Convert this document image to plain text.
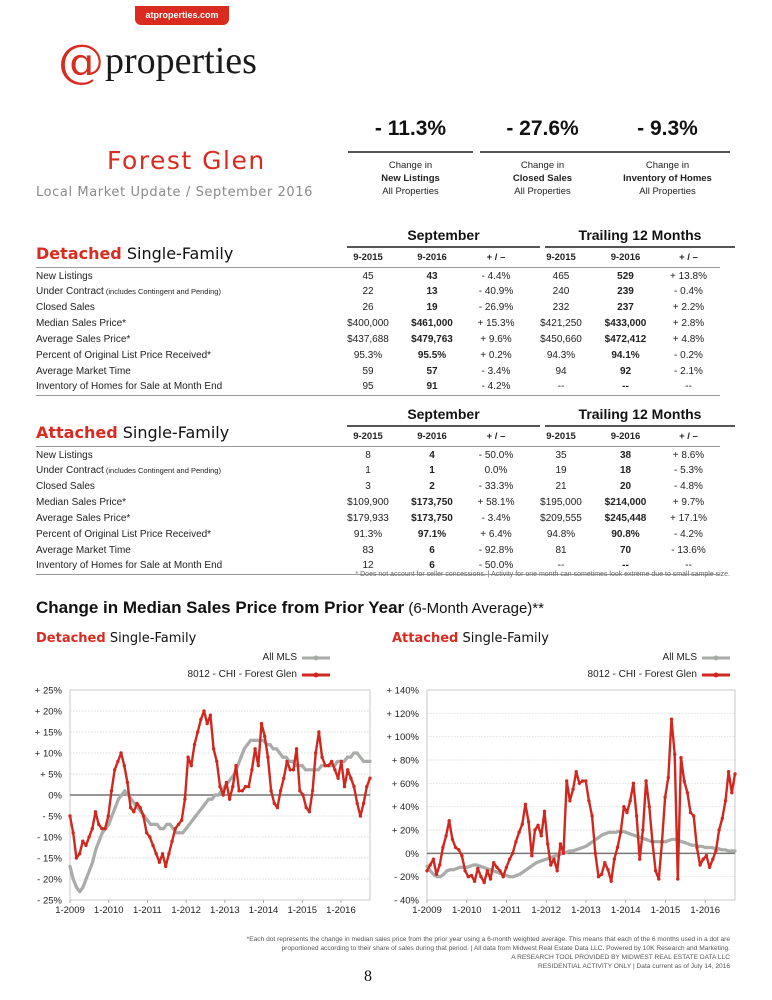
atproperties.com
@ properties
Forest Glen
Local Market Update / September 2016
- 11.3%
Change in
New Listings
All Properties
- 27.6%
Change in
Closed Sales
All Properties
- 9.3%
Change in
Inventory of Homes
All Properties
September	Trailing 12 Months
Detached Single-Family
		9-2015	9-2016	+ / –	9-2015	9-2016	+ / –
New Listings	45	43	- 4.4%	465	529	+ 13.8%
Under Contract (includes Contingent and Pending)	22	13	- 40.9%	240	239	- 0.4%
Closed Sales	26	19	- 26.9%	232	237	+ 2.2%
Median Sales Price*	$400,000	$461,000	+ 15.3%	$421,250	$433,000	+ 2.8%
Average Sales Price*	$437,688	$479,763	+ 9.6%	$450,660	$472,412	+ 4.8%
Percent of Original List Price Received*	95.3%	95.5%	+ 0.2%	94.3%	94.1%	- 0.2%
Average Market Time	59	57	- 3.4%	94	92	- 2.1%
Inventory of Homes for Sale at Month End	95	91	- 4.2%	--	--	--
September	Trailing 12 Months
Attached Single-Family
		9-2015	9-2016	+ / –	9-2015	9-2016	+ / –
New Listings	8	4	- 50.0%	35	38	+ 8.6%
Under Contract (includes Contingent and Pending)	1	1	0.0%	19	18	- 5.3%
Closed Sales	3	2	- 33.3%	21	20	- 4.8%
Median Sales Price*	$109,900	$173,750	+ 58.1%	$195,000	$214,000	+ 9.7%
Average Sales Price*	$179,933	$173,750	- 3.4%	$209,555	$245,448	+ 17.1%
Percent of Original List Price Received*	91.3%	97.1%	+ 6.4%	94.8%	90.8%	- 4.2%
Average Market Time	83	6	- 92.8%	81	70	- 13.6%
Inventory of Homes for Sale at Month End	12	6	- 50.0%	--	--	--
* Does not account for seller concessions. | Activity for one month can sometimes look extreme due to small sample size.
Change in Median Sales Price from Prior Year (6-Month Average)**
Detached Single-Family	Attached Single-Family
All MLS
8012 - CHI - Forest Glen
All MLS
8012 - CHI - Forest Glen
+ 25%
+ 20%
+ 15%
+ 10%
+ 5%
0%
- 5%
- 10%
- 15%
- 20%
- 25%
1-2009 1-2010 1-2011 1-2012 1-2013 1-2014 1-2015 1-2016
+ 140%
+ 120%
+ 100%
+ 80%
+ 60%
+ 40%
+ 20%
0%
- 20%
- 40%
1-2009 1-2010 1-2011 1-2012 1-2013 1-2014 1-2015 1-2016
*Each dot represents the change in median sales price from the prior year using a 6-month weighted average. This means that each of the 6 months used in a dot are
proportioned according to their share of sales during that period. | All data from Midwest Real Estate Data LLC. Powered by 10K Research and Marketing.
A RESEARCH TOOL PROVIDED BY MIDWEST REAL ESTATE DATA LLC
RESIDENTIAL ACTIVITY ONLY | Data current as of July 14, 2016
8
